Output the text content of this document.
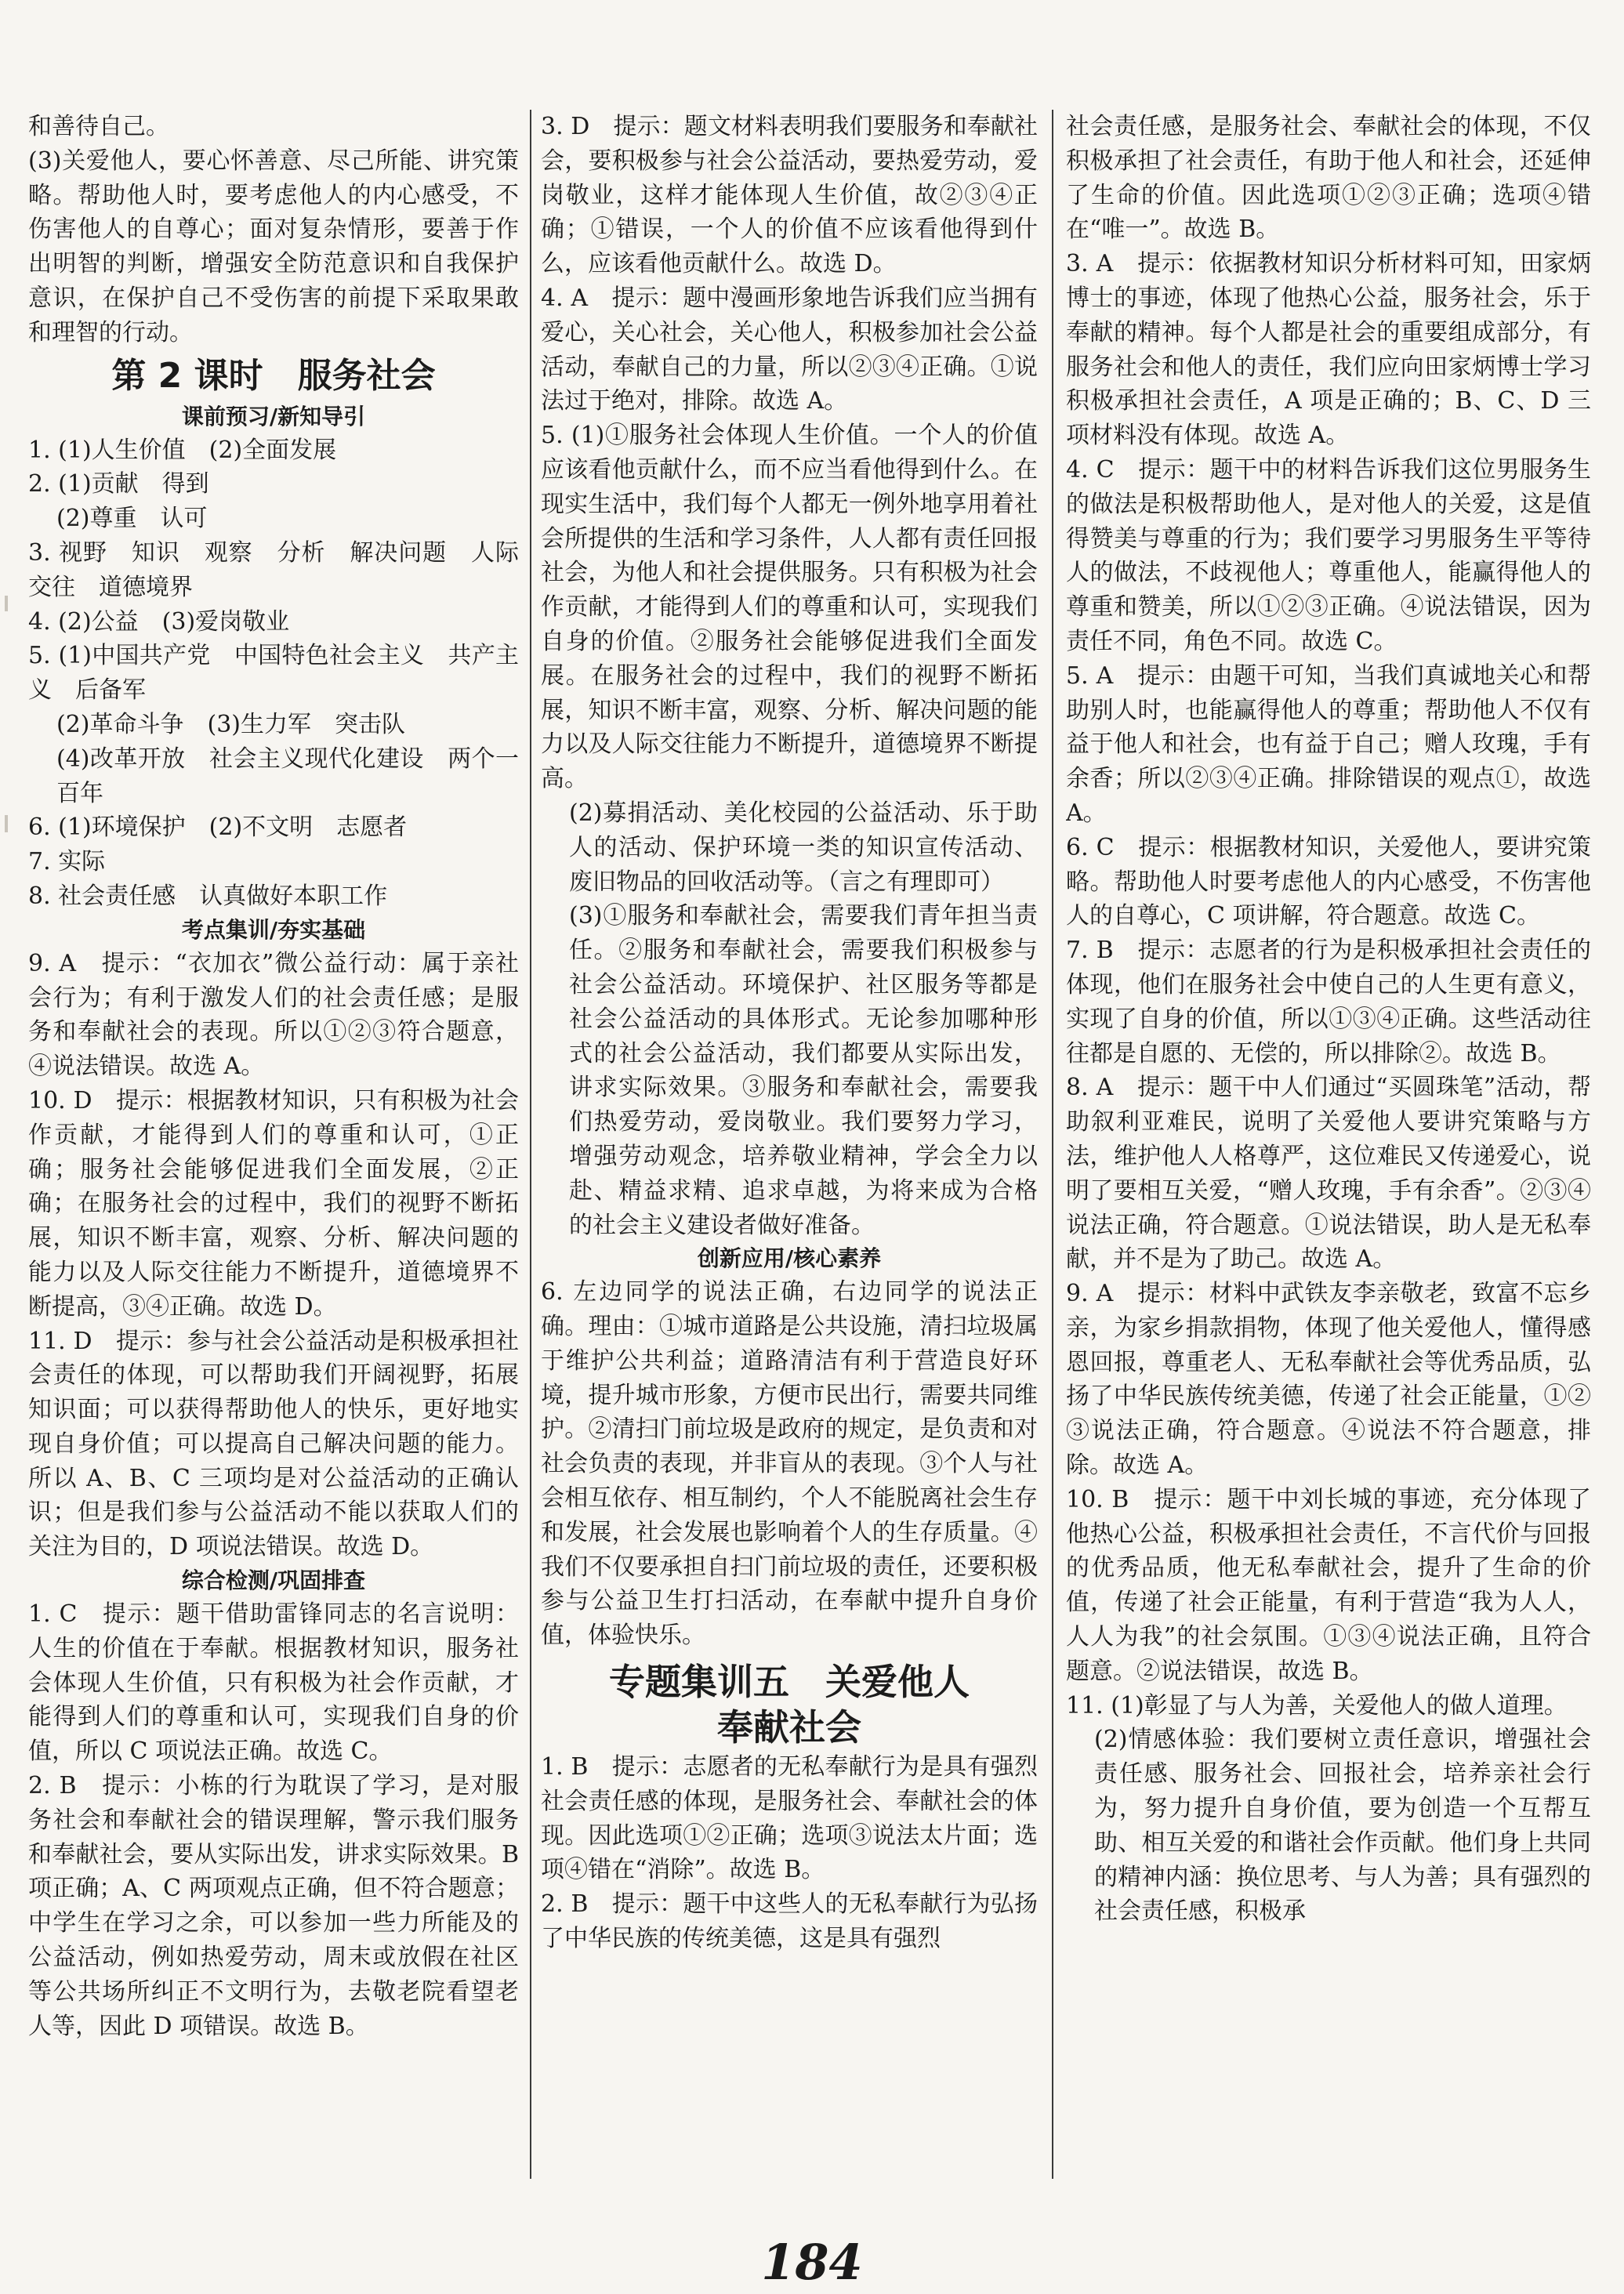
和善待自己。

(3)关爱他人，要心怀善意、尽己所能、讲究策略。帮助他人时，要考虑他人的内心感受，不伤害他人的自尊心；面对复杂情形，要善于作出明智的判断，增强安全防范意识和自我保护意识，在保护自己不受伤害的前提下采取果敢和理智的行动。

第 2 课时　服务社会
课前预习/新知导引

1. (1)人生价值　(2)全面发展

2. (1)贡献　得到

(2)尊重　认可

3. 视野　知识　观察　分析　解决问题　人际交往　道德境界

4. (2)公益　(3)爱岗敬业

5. (1)中国共产党　中国特色社会主义　共产主义　后备军

(2)革命斗争　(3)生力军　突击队

(4)改革开放　社会主义现代化建设　两个一百年

6. (1)环境保护　(2)不文明　志愿者

7. 实际

8. 社会责任感　认真做好本职工作

考点集训/夯实基础

9. A　提示：“衣加衣”微公益行动：属于亲社会行为；有利于激发人们的社会责任感；是服务和奉献社会的表现。所以①②③符合题意，④说法错误。故选 A。

10. D　提示：根据教材知识，只有积极为社会作贡献，才能得到人们的尊重和认可，①正确；服务社会能够促进我们全面发展，②正确；在服务社会的过程中，我们的视野不断拓展，知识不断丰富，观察、分析、解决问题的能力以及人际交往能力不断提升，道德境界不断提高，③④正确。故选 D。

11. D　提示：参与社会公益活动是积极承担社会责任的体现，可以帮助我们开阔视野，拓展知识面；可以获得帮助他人的快乐，更好地实现自身价值；可以提高自己解决问题的能力。所以 A、B、C 三项均是对公益活动的正确认识；但是我们参与公益活动不能以获取人们的关注为目的，D 项说法错误。故选 D。

综合检测/巩固排查

1. C　提示：题干借助雷锋同志的名言说明：人生的价值在于奉献。根据教材知识，服务社会体现人生价值，只有积极为社会作贡献，才能得到人们的尊重和认可，实现我们自身的价值，所以 C 项说法正确。故选 C。

2. B　提示：小栋的行为耽误了学习，是对服务社会和奉献社会的错误理解，警示我们服务和奉献社会，要从实际出发，讲求实际效果。B 项正确；A、C 两项观点正确，但不符合题意；中学生在学习之余，可以参加一些力所能及的公益活动，例如热爱劳动，周末或放假在社区等公共场所纠正不文明行为，去敬老院看望老人等，因此 D 项错误。故选 B。

3. D　提示：题文材料表明我们要服务和奉献社会，要积极参与社会公益活动，要热爱劳动，爱岗敬业，这样才能体现人生价值，故②③④正确；①错误，一个人的价值不应该看他得到什么，应该看他贡献什么。故选 D。

4. A　提示：题中漫画形象地告诉我们应当拥有爱心，关心社会，关心他人，积极参加社会公益活动，奉献自己的力量，所以②③④正确。①说法过于绝对，排除。故选 A。

5. (1)①服务社会体现人生价值。一个人的价值应该看他贡献什么，而不应当看他得到什么。在现实生活中，我们每个人都无一例外地享用着社会所提供的生活和学习条件，人人都有责任回报社会，为他人和社会提供服务。只有积极为社会作贡献，才能得到人们的尊重和认可，实现我们自身的价值。②服务社会能够促进我们全面发展。在服务社会的过程中，我们的视野不断拓展，知识不断丰富，观察、分析、解决问题的能力以及人际交往能力不断提升，道德境界不断提高。

(2)募捐活动、美化校园的公益活动、乐于助人的活动、保护环境一类的知识宣传活动、废旧物品的回收活动等。（言之有理即可）

(3)①服务和奉献社会，需要我们青年担当责任。②服务和奉献社会，需要我们积极参与社会公益活动。环境保护、社区服务等都是社会公益活动的具体形式。无论参加哪种形式的社会公益活动，我们都要从实际出发，讲求实际效果。③服务和奉献社会，需要我们热爱劳动，爱岗敬业。我们要努力学习，增强劳动观念，培养敬业精神，学会全力以赴、精益求精、追求卓越，为将来成为合格的社会主义建设者做好准备。

创新应用/核心素养

6. 左边同学的说法正确，右边同学的说法正确。理由：①城市道路是公共设施，清扫垃圾属于维护公共利益；道路清洁有利于营造良好环境，提升城市形象，方便市民出行，需要共同维护。②清扫门前垃圾是政府的规定，是负责和对社会负责的表现，并非盲从的表现。③个人与社会相互依存、相互制约，个人不能脱离社会生存和发展，社会发展也影响着个人的生存质量。④我们不仅要承担自扫门前垃圾的责任，还要积极参与公益卫生打扫活动，在奉献中提升自身价值，体验快乐。

专题集训五　关爱他人
奉献社会

1. B　提示：志愿者的无私奉献行为是具有强烈社会责任感的体现，是服务社会、奉献社会的体现。因此选项①②正确；选项③说法太片面；选项④错在“消除”。故选 B。

2. B　提示：题干中这些人的无私奉献行为弘扬了中华民族的传统美德，这是具有强烈

社会责任感，是服务社会、奉献社会的体现，不仅积极承担了社会责任，有助于他人和社会，还延伸了生命的价值。因此选项①②③正确；选项④错在“唯一”。故选 B。

3. A　提示：依据教材知识分析材料可知，田家炳博士的事迹，体现了他热心公益，服务社会，乐于奉献的精神。每个人都是社会的重要组成部分，有服务社会和他人的责任，我们应向田家炳博士学习积极承担社会责任，A 项是正确的；B、C、D 三项材料没有体现。故选 A。

4. C　提示：题干中的材料告诉我们这位男服务生的做法是积极帮助他人，是对他人的关爱，这是值得赞美与尊重的行为；我们要学习男服务生平等待人的做法，不歧视他人；尊重他人，能赢得他人的尊重和赞美，所以①②③正确。④说法错误，因为责任不同，角色不同。故选 C。

5. A　提示：由题干可知，当我们真诚地关心和帮助别人时，也能赢得他人的尊重；帮助他人不仅有益于他人和社会，也有益于自己；赠人玫瑰，手有余香；所以②③④正确。排除错误的观点①，故选 A。

6. C　提示：根据教材知识，关爱他人，要讲究策略。帮助他人时要考虑他人的内心感受，不伤害他人的自尊心，C 项讲解，符合题意。故选 C。

7. B　提示：志愿者的行为是积极承担社会责任的体现，他们在服务社会中使自己的人生更有意义，实现了自身的价值，所以①③④正确。这些活动往往都是自愿的、无偿的，所以排除②。故选 B。

8. A　提示：题干中人们通过“买圆珠笔”活动，帮助叙利亚难民，说明了关爱他人要讲究策略与方法，维护他人人格尊严，这位难民又传递爱心，说明了要相互关爱，“赠人玫瑰，手有余香”。②③④说法正确，符合题意。①说法错误，助人是无私奉献，并不是为了助己。故选 A。

9. A　提示：材料中武铁友李亲敬老，致富不忘乡亲，为家乡捐款捐物，体现了他关爱他人，懂得感恩回报，尊重老人、无私奉献社会等优秀品质，弘扬了中华民族传统美德，传递了社会正能量，①②③说法正确，符合题意。④说法不符合题意，排除。故选 A。

10. B　提示：题干中刘长城的事迹，充分体现了他热心公益，积极承担社会责任，不言代价与回报的优秀品质，他无私奉献社会，提升了生命的价值，传递了社会正能量，有利于营造“我为人人，人人为我”的社会氛围。①③④说法正确，且符合题意。②说法错误，故选 B。

11. (1)彰显了与人为善，关爱他人的做人道理。

(2)情感体验：我们要树立责任意识，增强社会责任感、服务社会、回报社会，培养亲社会行为，努力提升自身价值，要为创造一个互帮互助、相互关爱的和谐社会作贡献。他们身上共同的精神内涵：换位思考、与人为善；具有强烈的社会责任感，积极承

184
